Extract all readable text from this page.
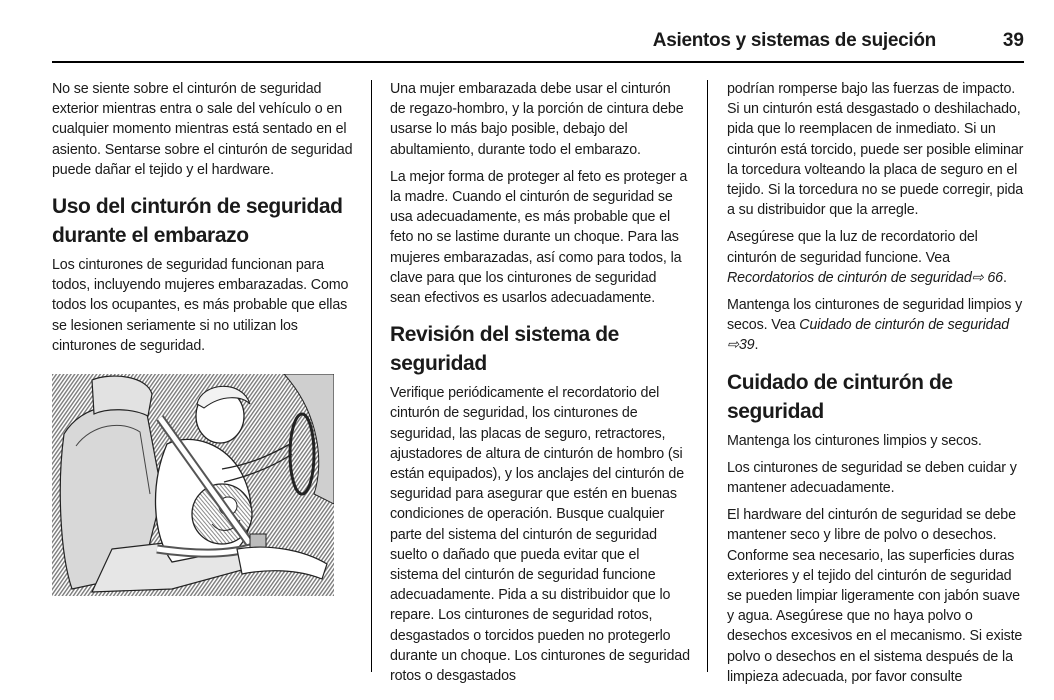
Asientos y sistemas de sujeción	39

No se siente sobre el cinturón de seguridad exterior mientras entra o sale del vehículo o en cualquier momento mientras está sentado en el asiento. Sentarse sobre el cinturón de seguridad puede dañar el tejido y el hardware.

Uso del cinturón de seguridad durante el embarazo

Los cinturones de seguridad funcionan para todos, incluyendo mujeres embarazadas. Como todos los ocupantes, es más probable que ellas se lesionen seriamente si no utilizan los cinturones de seguridad.

Una mujer embarazada debe usar el cinturón de regazo-hombro, y la porción de cintura debe usarse lo más bajo posible, debajo del abultamiento, durante todo el embarazo.

La mejor forma de proteger al feto es proteger a la madre. Cuando el cinturón de seguridad se usa adecuadamente, es más probable que el feto no se lastime durante un choque. Para las mujeres embarazadas, así como para todos, la clave para que los cinturones de seguridad sean efectivos es usarlos adecuadamente.

Revisión del sistema de seguridad

Verifique periódicamente el recordatorio del cinturón de seguridad, los cinturones de seguridad, las placas de seguro, retractores, ajustadores de altura de cinturón de hombro (si están equipados), y los anclajes del cinturón de seguridad para asegurar que estén en buenas condiciones de operación. Busque cualquier parte del sistema del cinturón de seguridad suelto o dañado que pueda evitar que el sistema del cinturón de seguridad funcione adecuadamente. Pida a su distribuidor que lo repare. Los cinturones de seguridad rotos, desgastados o torcidos pueden no protegerlo durante un choque. Los cinturones de seguridad rotos o desgastados

podrían romperse bajo las fuerzas de impacto. Si un cinturón está desgastado o deshilachado, pida que lo reemplacen de inmediato. Si un cinturón está torcido, puede ser posible eliminar la torcedura volteando la placa de seguro en el tejido. Si la torcedura no se puede corregir, pida a su distribuidor que la arregle.

Asegúrese que la luz de recordatorio del cinturón de seguridad funcione. Vea Recordatorios de cinturón de seguridad⇨ 66.

Mantenga los cinturones de seguridad limpios y secos. Vea Cuidado de cinturón de seguridad ⇨39.

Cuidado de cinturón de seguridad

Mantenga los cinturones limpios y secos.

Los cinturones de seguridad se deben cuidar y mantener adecuadamente.

El hardware del cinturón de seguridad se debe mantener seco y libre de polvo o desechos. Conforme sea necesario, las superficies duras exteriores y el tejido del cinturón de seguridad se pueden limpiar ligeramente con jabón suave y agua. Asegúrese que no haya polvo o desechos excesivos en el mecanismo. Si existe polvo o desechos en el sistema después de la limpieza adecuada, por favor consulte
